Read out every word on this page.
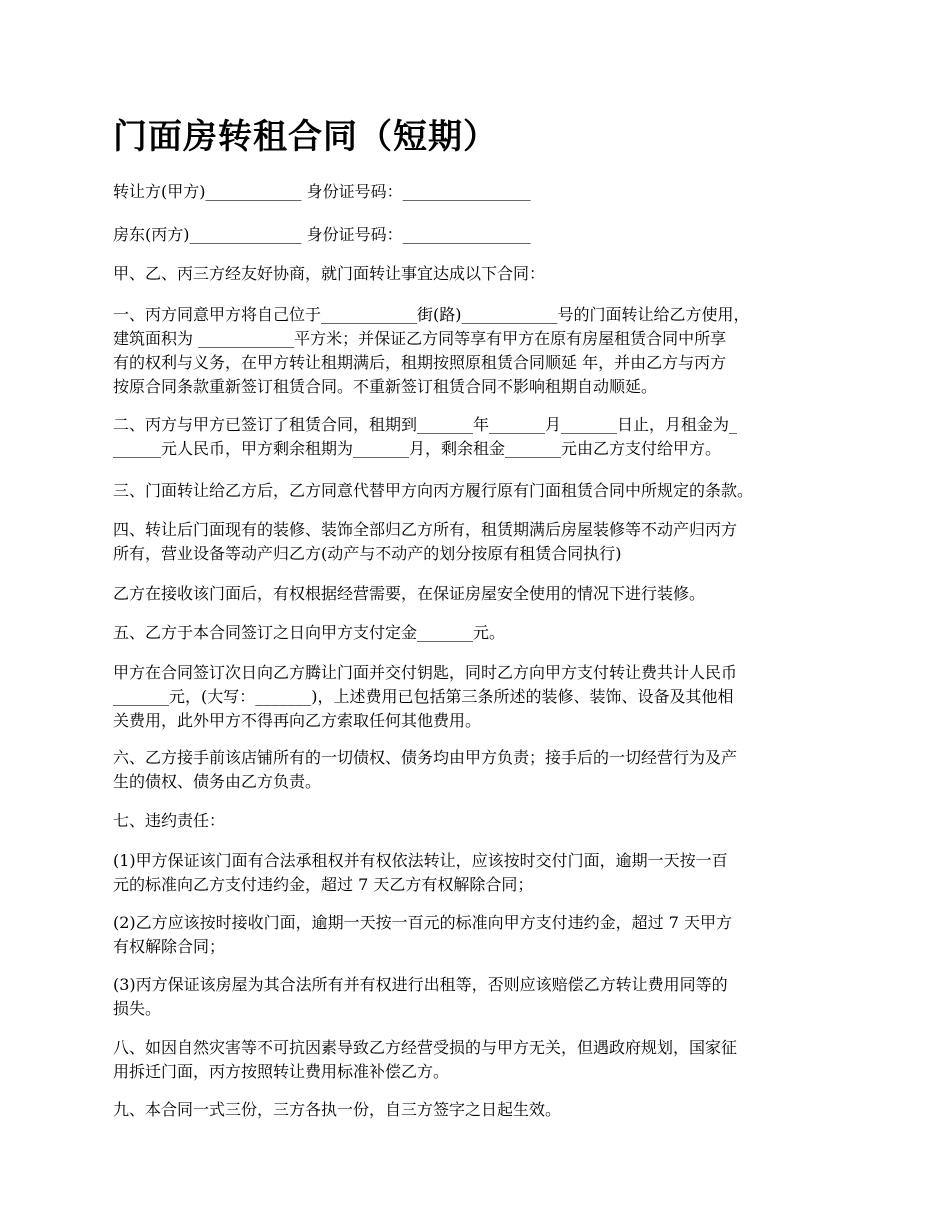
门面房转租合同（短期）

转让方(甲方)____________ 身份证号码：________________

房东(丙方)______________ 身份证号码：________________

甲、乙、丙三方经友好协商，就门面转让事宜达成以下合同：

一、丙方同意甲方将自己位于____________街(路)____________号的门面转让给乙方使用，
建筑面积为 ____________平方米；并保证乙方同等享有甲方在原有房屋租赁合同中所享
有的权利与义务，在甲方转让租期满后，租期按照原租赁合同顺延 年，并由乙方与丙方
按原合同条款重新签订租赁合同。不重新签订租赁合同不影响租期自动顺延。

二、丙方与甲方已签订了租赁合同，租期到_______年_______月_______日止，月租金为_
______元人民币，甲方剩余租期为_______月，剩余租金_______元由乙方支付给甲方。

三、门面转让给乙方后，乙方同意代替甲方向丙方履行原有门面租赁合同中所规定的条款。

四、转让后门面现有的装修、装饰全部归乙方所有，租赁期满后房屋装修等不动产归丙方
所有，营业设备等动产归乙方(动产与不动产的划分按原有租赁合同执行)

乙方在接收该门面后，有权根据经营需要，在保证房屋安全使用的情况下进行装修。

五、乙方于本合同签订之日向甲方支付定金_______元。

甲方在合同签订次日向乙方腾让门面并交付钥匙，同时乙方向甲方支付转让费共计人民币
_______元，(大写：_______)，上述费用已包括第三条所述的装修、装饰、设备及其他相
关费用，此外甲方不得再向乙方索取任何其他费用。

六、乙方接手前该店铺所有的一切债权、债务均由甲方负责；接手后的一切经营行为及产
生的债权、债务由乙方负责。

七、违约责任：

(1)甲方保证该门面有合法承租权并有权依法转让，应该按时交付门面，逾期一天按一百
元的标准向乙方支付违约金，超过 7 天乙方有权解除合同；

(2)乙方应该按时接收门面，逾期一天按一百元的标准向甲方支付违约金，超过 7 天甲方
有权解除合同；

(3)丙方保证该房屋为其合法所有并有权进行出租等，否则应该赔偿乙方转让费用同等的
损失。

八、如因自然灾害等不可抗因素导致乙方经营受损的与甲方无关，但遇政府规划，国家征
用拆迁门面，丙方按照转让费用标准补偿乙方。

九、本合同一式三份，三方各执一份，自三方签字之日起生效。
